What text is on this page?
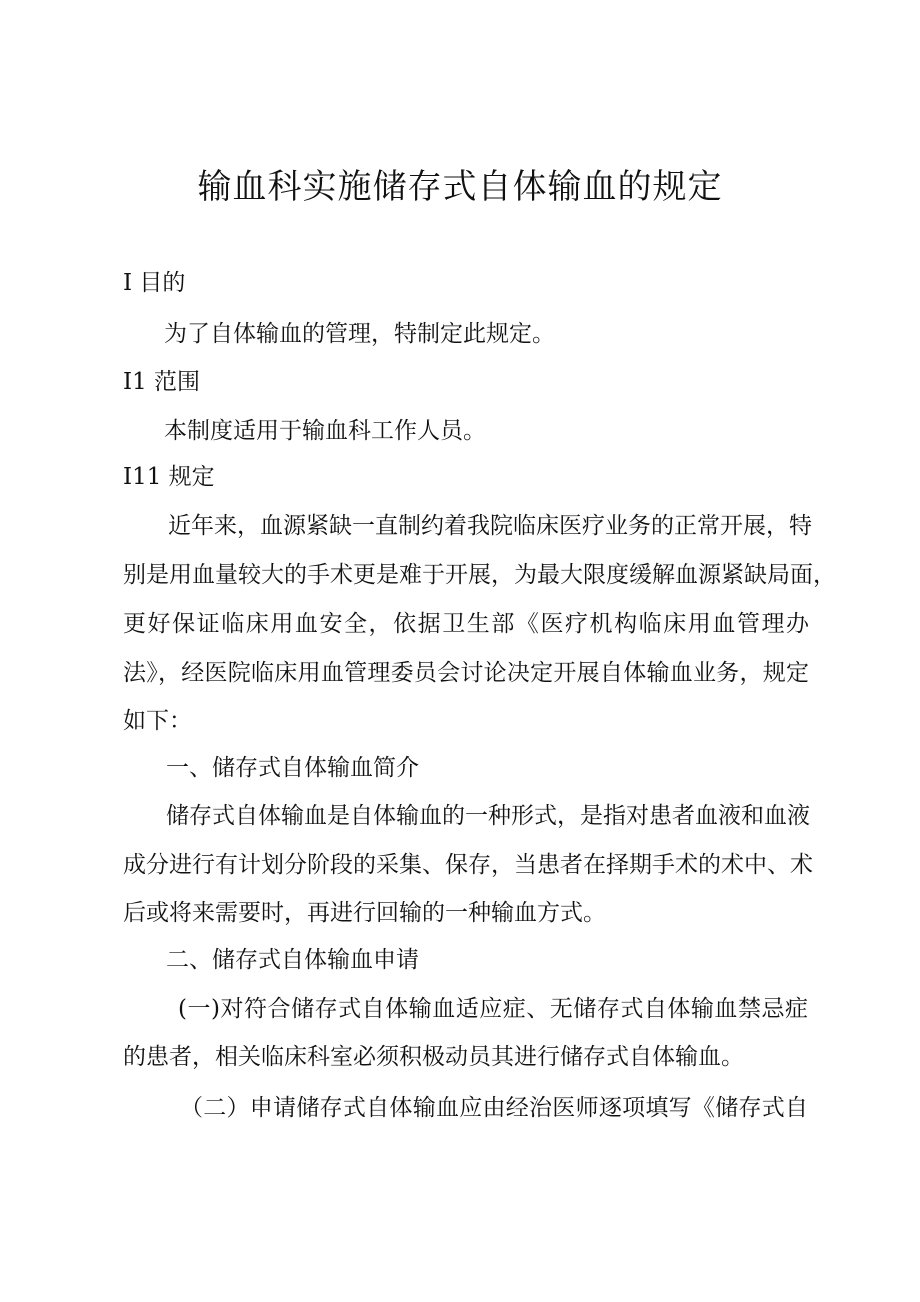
输血科实施储存式自体输血的规定
I 目的
为了自体输血的管理，特制定此规定。
I1 范围
本制度适用于输血科工作人员。
I11 规定
近年来，血源紧缺一直制约着我院临床医疗业务的正常开展，特
别是用血量较大的手术更是难于开展，为最大限度缓解血源紧缺局面，
更好保证临床用血安全，依据卫生部《医疗机构临床用血管理办
法》，经医院临床用血管理委员会讨论决定开展自体输血业务，规定
如下：
一、储存式自体输血简介
储存式自体输血是自体输血的一种形式，是指对患者血液和血液
成分进行有计划分阶段的采集、保存，当患者在择期手术的术中、术
后或将来需要时，再进行回输的一种输血方式。
二、储存式自体输血申请
(一)对符合储存式自体输血适应症、无储存式自体输血禁忌症
的患者，相关临床科室必须积极动员其进行储存式自体输血。
（二）申请储存式自体输血应由经治医师逐项填写《储存式自
